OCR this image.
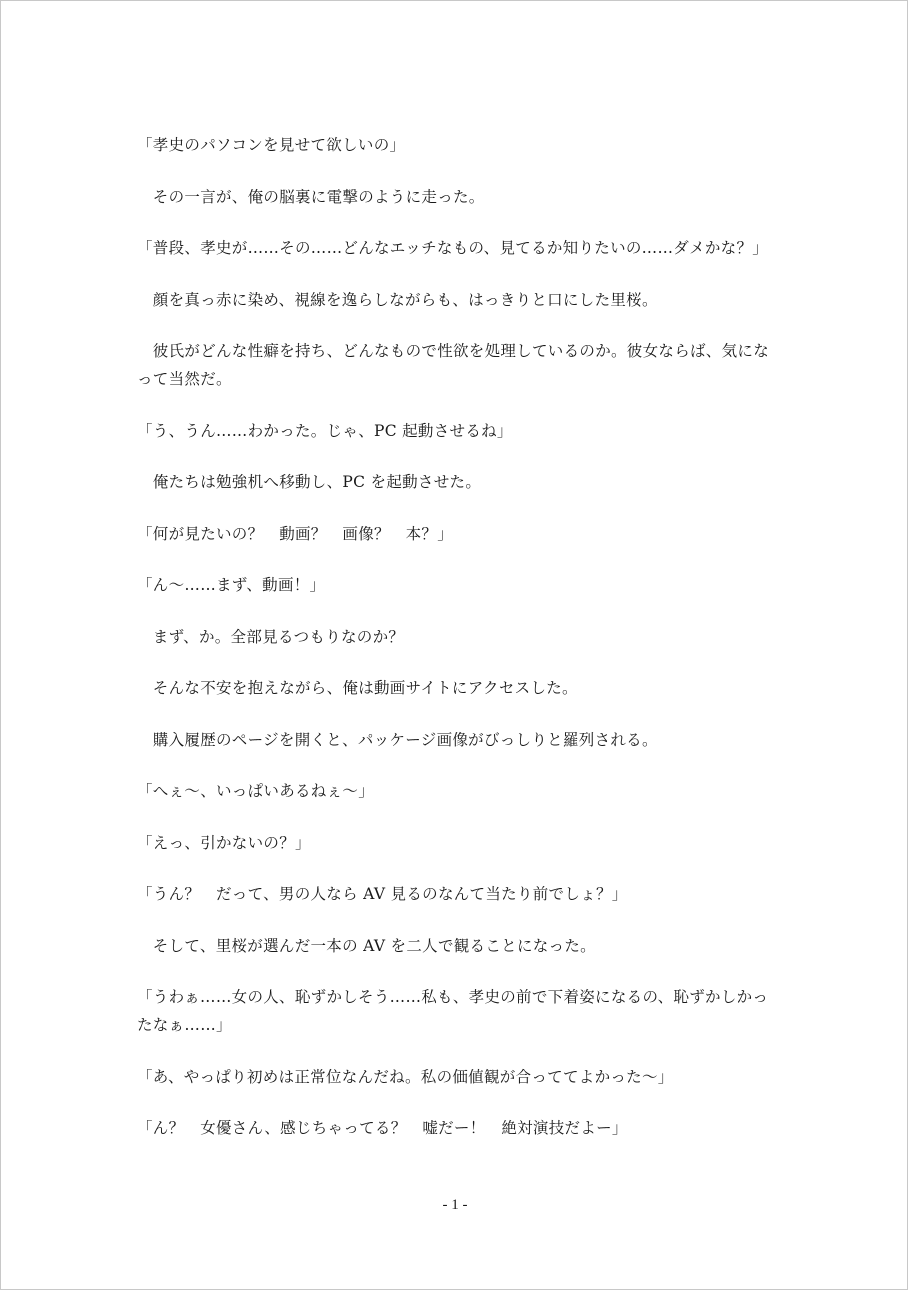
「孝史のパソコンを見せて欲しいの」

　その一言が、俺の脳裏に電撃のように走った。

「普段、孝史が……その……どんなエッチなもの、見てるか知りたいの……ダメかな？」

　顔を真っ赤に染め、視線を逸らしながらも、はっきりと口にした里桜。

　彼氏がどんな性癖を持ち、どんなもので性欲を処理しているのか。彼女ならば、気にな
って当然だ。

「う、うん……わかった。じゃ、PC 起動させるね」

　俺たちは勉強机へ移動し、PC を起動させた。

「何が見たいの？　動画？　画像？　本？」

「ん〜……まず、動画！」

　まず、か。全部見るつもりなのか？

　そんな不安を抱えながら、俺は動画サイトにアクセスした。

　購入履歴のページを開くと、パッケージ画像がびっしりと羅列される。

「へぇ〜、いっぱいあるねぇ〜」

「えっ、引かないの？」

「うん？　だって、男の人なら AV 見るのなんて当たり前でしょ？」

　そして、里桜が選んだ一本の AV を二人で観ることになった。

「うわぁ……女の人、恥ずかしそう……私も、孝史の前で下着姿になるの、恥ずかしかっ
たなぁ……」

「あ、やっぱり初めは正常位なんだね。私の価値観が合っててよかった〜」

「ん？　女優さん、感じちゃってる？　嘘だー！　絶対演技だよー」

- 1 -
